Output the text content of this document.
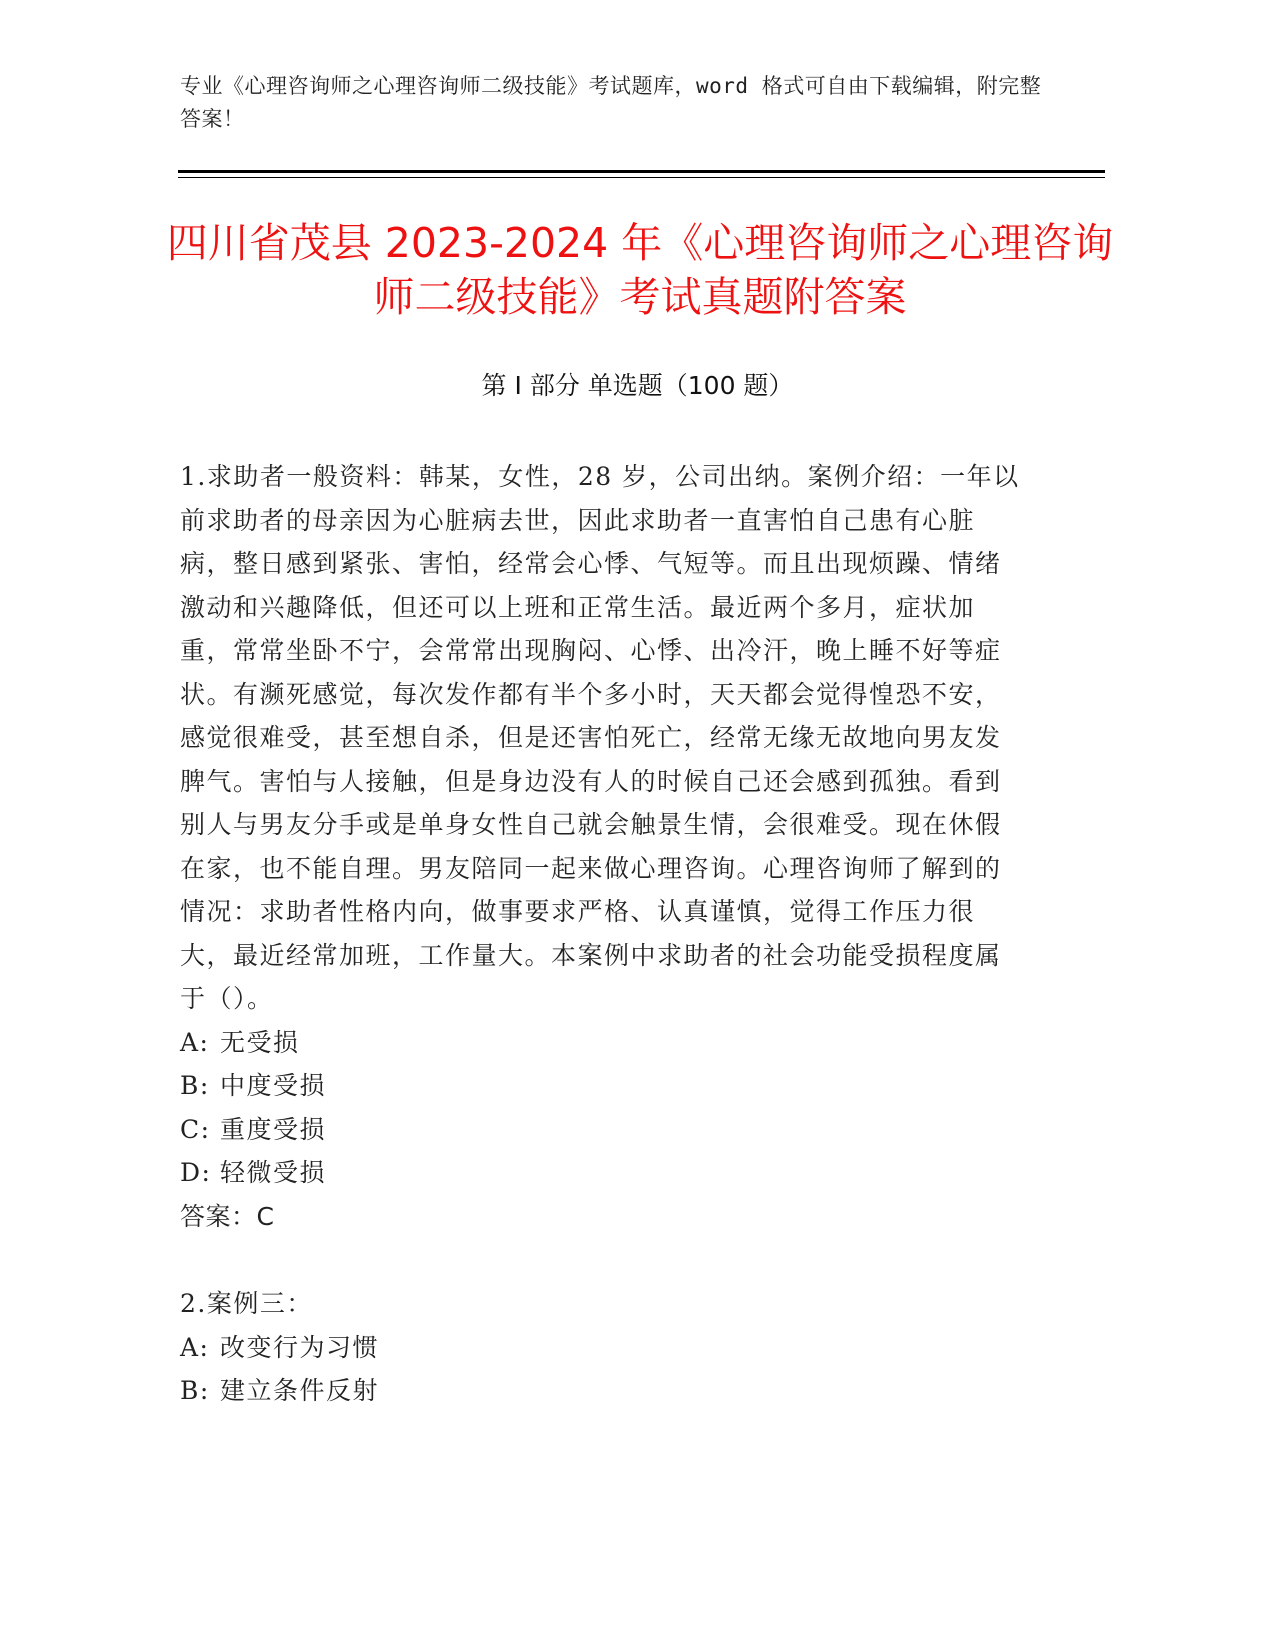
专业《心理咨询师之心理咨询师二级技能》考试题库，word 格式可自由下载编辑，附完整答案！
四川省茂县 2023-2024 年《心理咨询师之心理咨询师二级技能》考试真题附答案
第 I 部分 单选题（100 题）

1.求助者一般资料：韩某，女性，28 岁，公司出纳。案例介绍：一年以前求助者的母亲因为心脏病去世，因此求助者一直害怕自己患有心脏病，整日感到紧张、害怕，经常会心悸、气短等。而且出现烦躁、情绪激动和兴趣降低，但还可以上班和正常生活。最近两个多月，症状加重，常常坐卧不宁，会常常出现胸闷、心悸、出冷汗，晚上睡不好等症状。有濒死感觉，每次发作都有半个多小时，天天都会觉得惶恐不安，感觉很难受，甚至想自杀，但是还害怕死亡，经常无缘无故地向男友发脾气。害怕与人接触，但是身边没有人的时候自己还会感到孤独。看到别人与男友分手或是单身女性自己就会触景生情，会很难受。现在休假在家，也不能自理。男友陪同一起来做心理咨询。心理咨询师了解到的情况：求助者性格内向，做事要求严格、认真谨慎，觉得工作压力很大，最近经常加班，工作量大。本案例中求助者的社会功能受损程度属于（）。

A: 无受损

B: 中度受损

C: 重度受损

D: 轻微受损

答案：C

2.案例三：

A: 改变行为习惯

B: 建立条件反射
